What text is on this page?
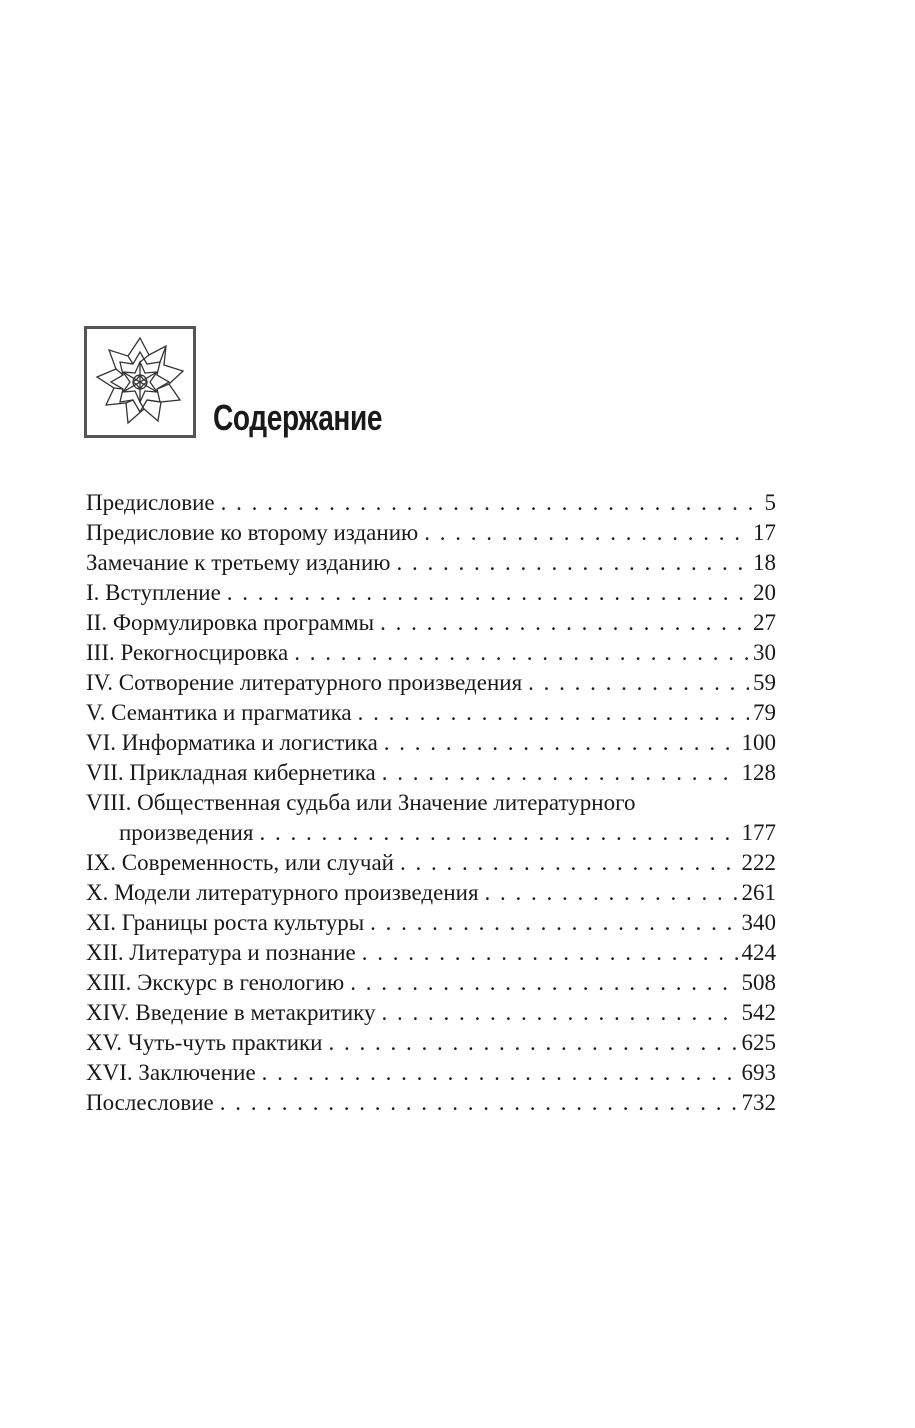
Содержание
Предисловие . . .	5
Предисловие ко второму изданию . . .	17
Замечание к третьему изданию . . .	18
I. Вступление . . .	20
II. Формулировка программы . . .	27
III. Рекогносцировка . . .	30
IV. Сотворение литературного произведения . . .	59
V. Семантика и прагматика . . .	79
VI. Информатика и логистика . . .	100
VII. Прикладная кибернетика . . .	128
VIII. Общественная судьба или Значение литературного
произведения . . .	177
IX. Современность, или случай . . .	222
X. Модели литературного произведения . . .	261
XI. Границы роста культуры . . .	340
XII. Литература и познание . . .	424
XIII. Экскурс в генологию . . .	508
XIV. Введение в метакритику . . .	542
XV. Чуть-чуть практики . . .	625
XVI. Заключение . . .	693
Послесловие . . .	732
